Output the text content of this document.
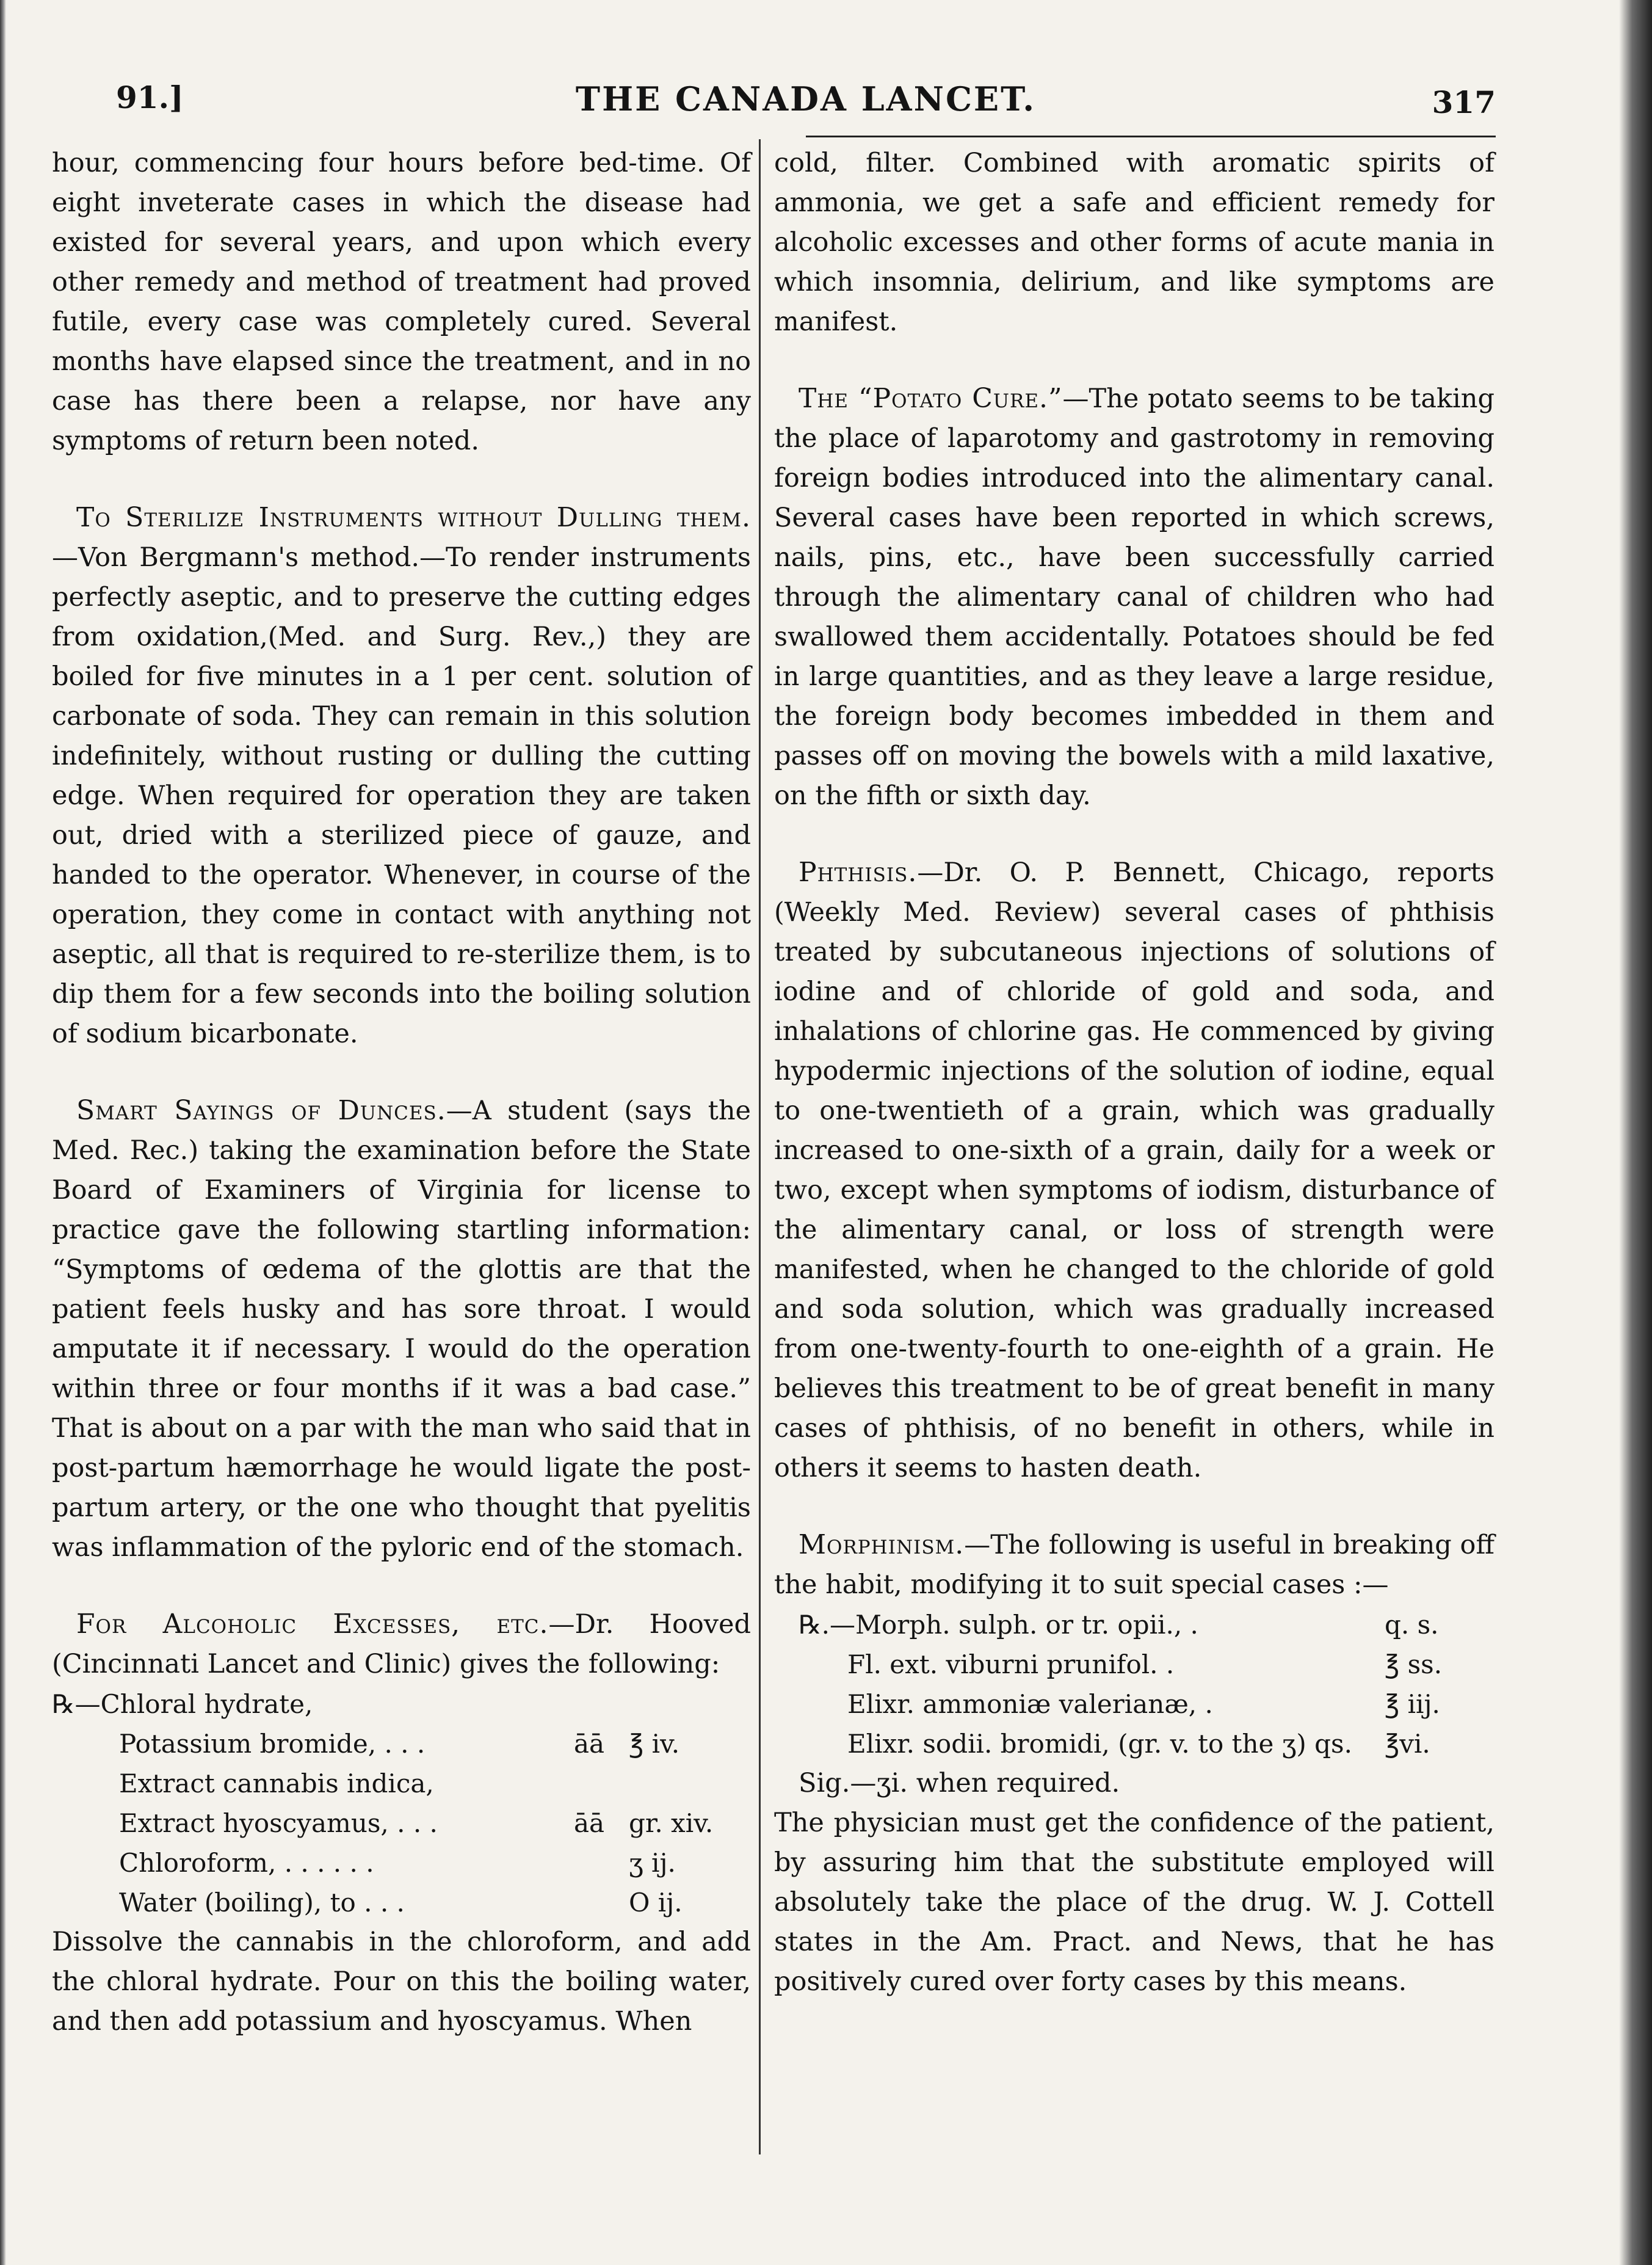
91.]	THE CANADA LANCET.	317

hour, commencing four hours before bed-time. Of eight inveterate cases in which the disease had existed for several years, and upon which every other remedy and method of treatment had proved futile, every case was completely cured. Several months have elapsed since the treatment, and in no case has there been a relapse, nor have any symptoms of return been noted.

To Sterilize Instruments without Dulling them.—Von Bergmann's method.—To render instruments perfectly aseptic, and to preserve the cutting edges from oxidation,(Med. and Surg. Rev.,) they are boiled for five minutes in a 1 per cent. solution of carbonate of soda. They can remain in this solution indefinitely, without rusting or dulling the cutting edge. When required for operation they are taken out, dried with a sterilized piece of gauze, and handed to the operator. Whenever, in course of the operation, they come in contact with anything not aseptic, all that is required to re-sterilize them, is to dip them for a few seconds into the boiling solution of sodium bicarbonate.

Smart Sayings of Dunces.—A student (says the Med. Rec.) taking the examination before the State Board of Examiners of Virginia for license to practice gave the following startling information: “Symptoms of œdema of the glottis are that the patient feels husky and has sore throat. I would amputate it if necessary. I would do the operation within three or four months if it was a bad case.” That is about on a par with the man who said that in post-partum hæmorrhage he would ligate the post-partum artery, or the one who thought that pyelitis was inflammation of the pyloric end of the stomach.

For Alcoholic Excesses, etc.—Dr. Hooved (Cincinnati Lancet and Clinic) gives the following:

℞—Chloral hydrate,
Potassium bromide, . . .	āā ℥ iv.
Extract cannabis indica,
Extract hyoscyamus, . . .	āā gr. xiv.
Chloroform, . . . . . .	ʒ ij.
Water (boiling), to . . .	O ij.

Dissolve the cannabis in the chloroform, and add the chloral hydrate. Pour on this the boiling water, and then add potassium and hyoscyamus. When

cold, filter. Combined with aromatic spirits of ammonia, we get a safe and efficient remedy for alcoholic excesses and other forms of acute mania in which insomnia, delirium, and like symptoms are manifest.

The “Potato Cure.”—The potato seems to be taking the place of laparotomy and gastrotomy in removing foreign bodies introduced into the alimentary canal. Several cases have been reported in which screws, nails, pins, etc., have been successfully carried through the alimentary canal of children who had swallowed them accidentally. Potatoes should be fed in large quantities, and as they leave a large residue, the foreign body becomes imbedded in them and passes off on moving the bowels with a mild laxative, on the fifth or sixth day.

Phthisis.—Dr. O. P. Bennett, Chicago, reports (Weekly Med. Review) several cases of phthisis treated by subcutaneous injections of solutions of iodine and of chloride of gold and soda, and inhalations of chlorine gas. He commenced by giving hypodermic injections of the solution of iodine, equal to one-twentieth of a grain, which was gradually increased to one-sixth of a grain, daily for a week or two, except when symptoms of iodism, disturbance of the alimentary canal, or loss of strength were manifested, when he changed to the chloride of gold and soda solution, which was gradually increased from one-twenty-fourth to one-eighth of a grain. He believes this treatment to be of great benefit in many cases of phthisis, of no benefit in others, while in others it seems to hasten death.

Morphinism.—The following is useful in breaking off the habit, modifying it to suit special cases :—

℞.—Morph. sulph. or tr. opii., .	q. s.
Fl. ext. viburni prunifol. .	℥ ss.
Elixr. ammoniæ valerianæ, .	℥ iij.
Elixr. sodii. bromidi, (gr. v. to the ʒ) qs.	℥vi.

Sig.—ʒi. when required.

The physician must get the confidence of the patient, by assuring him that the substitute employed will absolutely take the place of the drug. W. J. Cottell states in the Am. Pract. and News, that he has positively cured over forty cases by this means.
